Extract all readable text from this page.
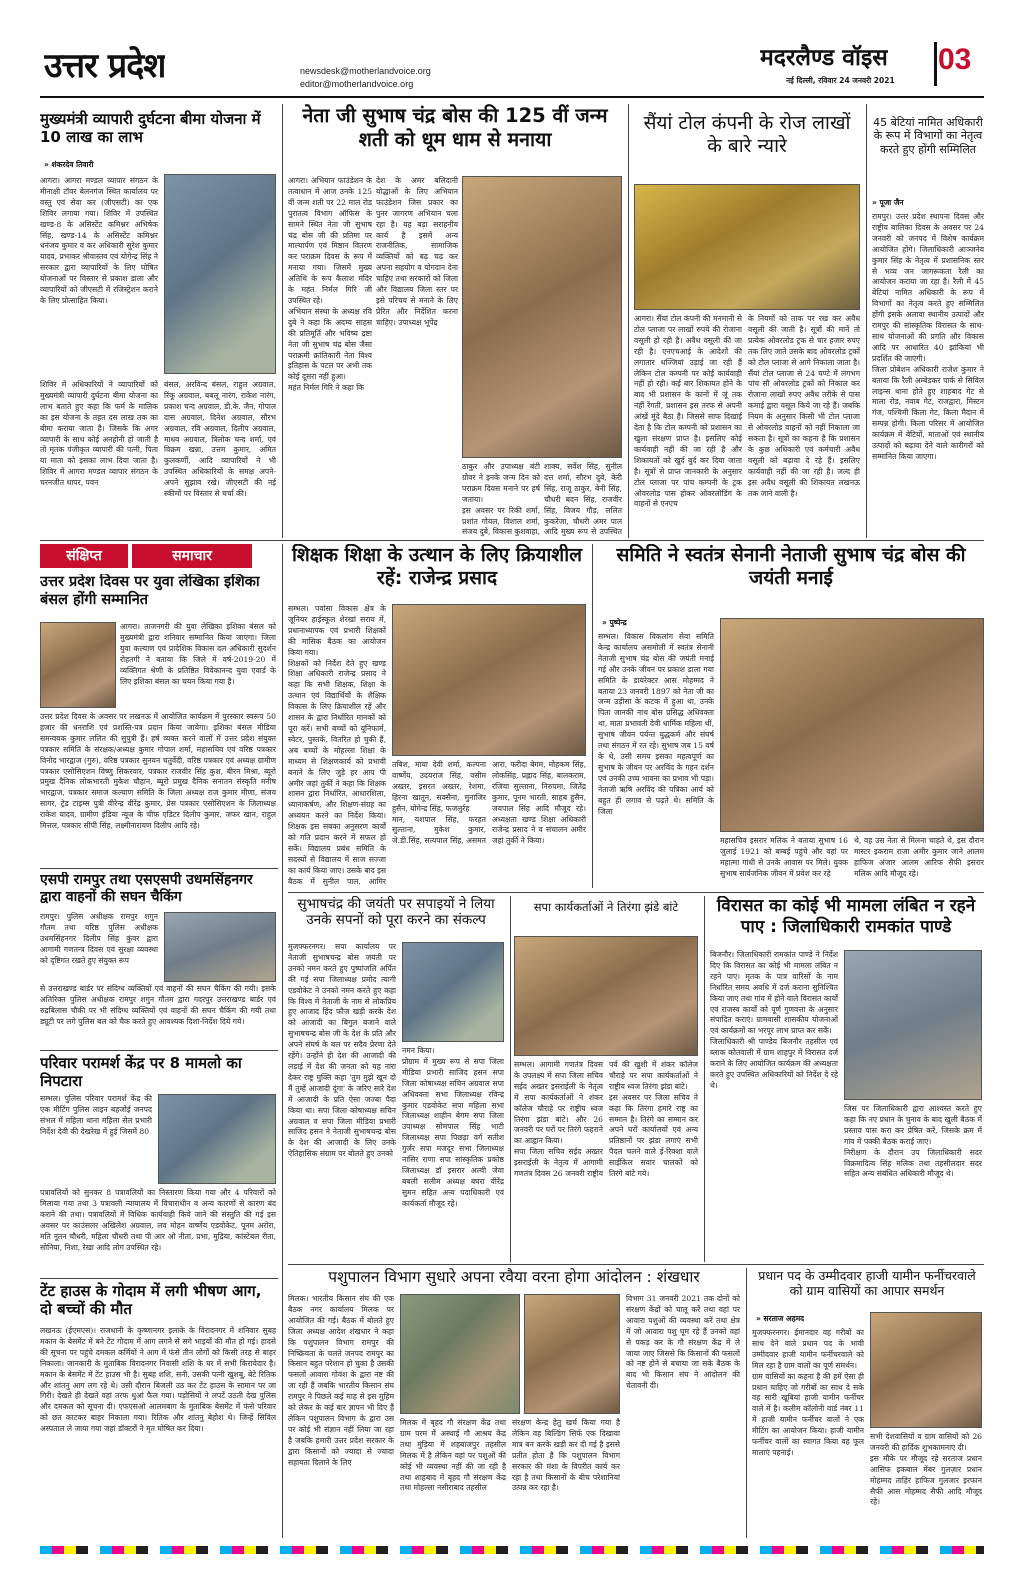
उत्तर प्रदेश	newsdesk@motherlandvoice.org
editor@motherlandvoice.org
मदरलैण्ड वॉइस 03
नई दिल्ली, रविवार 24 जनवरी 2021
मुख्यमंत्री व्यापारी दुर्घटना बीमा योजना में 10 लाख का लाभ
» शंकरदेव तिवारी
आगरा। आगरा मण्डल व्यापार संगठन के मीनाक्षी टॉवर बेलनगंज स्थित कार्यालय पर वस्तु एवं सेवा कर (जीएसटी) का एक शिविर लगाया गया। शिविर में उपस्थित खण्ड-8 के असिस्टेंट कमिश्नर अभिषेक सिंह, खण्ड-14 के असिस्टेंट कमिश्नर धनंजय कुमार व कर अधिकारी सुरेश कुमार यादव, प्रभाकर श्रीवास्तव एवं योगेन्द्र सिंह ने सरकार द्वारा व्यापारियों के लिए घोषित योजनाओं पर विस्तार से प्रकाश डाला और व्यापारियों को जीएसटी में रजिस्ट्रेशन कराने के लिए प्रोत्साहित किया।
शिविर में अधिकारियों ने व्यापारियों को मुख्यमंत्री व्यापारी दुर्घटना बीमा योजना का लाभ बताते हुए कहा कि फर्म के मालिक का इस योजना के तहत दस लाख तक का बीमा कराया जाता है। जिसके कि अगर व्यापारी के साथ कोई अनहोनी हो जाती है तो मृतक पंजीकृत व्यापारी की पत्नी, पिता या माता को इसका लाभ दिया जाता है। शिविर में आगरा मण्डल व्यापार संगठन के चरनजीत थापर, पवन
बंसल, अरविन्द बंसल, राहुल अग्रवाल, रिंकू अग्रवाल, बबलू नारंग, राकेश नारंग, प्रकाश चन्द अग्रवाल, डी.के. जैन, गोपाल दास अग्रवाल, दिनेश अग्रवाल, सौरभ अग्रवाल, रवि अग्रवाल, दिलीप अग्रवाल, माधव अग्रवाल, त्रिलोक चन्द शर्मा, एवं विक्रम खन्ना, उत्तम कुमार, अमित कुलकर्णी, आदि व्यापारियों ने भी उपस्थित अधिकारियों के समक्ष अपने-अपने सुझाव रखे। जीएसटी की नई स्कीमों पर विस्तार से चर्चा की।
नेता जी सुभाष चंद्र बोस की 125 वीं जन्म शती को धूम धाम से मनाया
आगरा। अभियान फाउंडेशन के तत्वाधान में आज उनके 125 वीं जन्म शती पर 22 माल रोड पुरातत्व विभाग ऑफिस के सामने स्थित नेता जी सुभाष चंद्र बोस जी की प्रतिमा पर माल्यार्पण एवं मिष्ठान वितरण कर पराक्रम दिवस के रूप में मनाया गया। जिसमें मुख्य अतिथि के रूप कैलाश मंदिर के महंत निर्मल गिरि जी उपस्थित रहे।
अभियान संस्था के अध्यक्ष रवि दुबे ने कहा कि अदम्य साहस की प्रतिमूर्ति और भविष्य द्रष्टा नेता जी सुभाष चंद्र बोस जैसा पराक्रमी क्रांतिकारी नेता विश्व इतिहास के पटल पर अभी तक कोई दूसरा नहीं हुआ।
महंत निर्मल गिरि ने कहा कि
देश के अमर बलिदानी योद्धाओं के लिए अभियान फाउंडेशन जिस प्रकार का पुनर जागरण अभियान चला रहा है। यह बड़ा सराहनीय कार्य है इसमें अन्य राजनीतिक, सामाजिक व्यक्तियों को बढ़ चढ़ कर अपना सहयोग व योगदान देना चाहिए तथा सरकारों को जिला और विद्यालय जिला स्तर पर इसे परिचय से मनाने के लिए प्रेरित और निर्देशित करना चाहिए। उपाध्यक्ष भूपेंद्र
ठाकुर और उपाध्यक्ष बंटी ग्रोवर ने इनके जन्म दिन को पराक्रम दिवस मनाने पर हर्ष जताया।
इस अवसर पर रिकी शर्मा, प्रशांत गोयल, विशाल शर्मा, संजय दुबे, विकास कुशवाहा,
शाक्य, सर्वेश सिंह, सुनील दत्त शर्मा, सौरभ दुबे, केरी सिंह, राजू ठाकुर, बेनी सिंह, चौधरी बदन सिंह, राजवीर सिंह, विजय गौड़, ललित कुकरेजा, चौधरी अमर पाल आदि मुख्य रूप से उपस्थित
सैंयां टोल कंपनी के रोज लाखों के बारे न्यारे
आगरा। सैंयां टोल कंपनी की मनमानी से टोल प्लाजा पर लाखों रुपये की रोजाना वसूली हो रही है। अवैध वसूली की जा रही है। एनएचआई के आदेशों की लगातार धज्जियां उड़ाई जा रही हैं लेकिन टोल कम्पनी पर कोई कार्यवाही नहीं हो रही। कई बार शिकायत होने के बाद भी प्रशासन के कानों में जूं तक नहीं रेंगती, प्रशासन इस तरफ से अपनी आंखें मूंदे बैठा है। जिससे साफ दिखाई देता है कि टोल कम्पनी को प्रशासन का खुला संरक्षण प्राप्त है। इसलिए कोई कार्यवाही नहीं की जा रही है और शिकायतों को खुर्द बुर्द कर दिया जाता है। सूत्रों से प्राप्त जानकारी के अनुसार टोल प्लाजा पर पांच कम्पनी के ट्रक ओवरलोड पास होकर ओवरलोडिंग के वाहनों से एनएच
के नियमों को ताक पर रख कर अवैध वसूली की जाती है। सूत्रों की मानें तो प्रत्येक ओवरलोड ट्रक से चार हजार रुपए तक लिए जाते उसके बाद ओवरलोड ट्रकों को टोल प्लाजा से आगे निकाला जाता है। सैंयां टोल प्लाजा से 24 घण्टे में लगभग पांच सौ ओवरलोड ट्रकों को निकाल कर रोजाना लाखों रुपए अवैध तरीके से पास कमाई द्वारा वसूल किये जा रहे हैं। जबकि नियम के अनुसार किसी भी टोल प्लाजा से ओवरलोड वाहनों को नहीं निकाला जा सकता है। सूत्रों का कहना है कि प्रशासन के कुछ अधिकारी एवं कर्मचारी अवैध वसूली को बढ़ावा दे रहे हैं। इसलिए कार्यवाही नहीं की जा रही है। जल्द ही इस अवैध वसूली की शिकायत लखनऊ तक जाने वाली है।
45 बेटियां नामित अधिकारी के रूप में विभागों का नेतृत्व करते हुए होंगी सम्मिलित
» पूजा जैन
रामपुर। उत्तर प्रदेश स्थापना दिवस और राष्ट्रीय बालिका दिवस के अवसर पर 24 जनवरी को जनपद में विशेष कार्यक्रम आयोजित होंगे। जिलाधिकारी आञ्जनेय कुमार सिंह के नेतृत्व में प्रशासनिक स्तर से भव्य जन जागरूकता रैली का आयोजन कराया जा रहा है। रैली में 45 बेटियां नामित अधिकारी के रूप में विभागों का नेतृत्व करते हुए सम्मिलित होंगी इसके अलावा स्थानीय उत्पादों और रामपुर की सांस्कृतिक विरासत के साथ-साथ योजनाओं की प्रगति और विकास आदि पर आधारित 40 झांकियां भी प्रदर्शित की जाएंगी।
जिला प्रोबेशन अधिकारी राजेश कुमार ने बताया कि रैली अम्बेडकर पार्क से सिविल लाइन्स थाना होते हुए शाहबाद गेट से माला रोड, नवाब गेट, राजद्वारा, मिस्टन गंज, पश्चिमी किला गेट, किला मैदान में सम्पन्न होगी। किला परिसर में आयोजित कार्यक्रम में बेटियों, माताओं एवं स्थानीय उत्पादों को बढ़ावा देने वाले कारीगरों को सम्मानित किया जाएगा।
संक्षिप्त	समाचार
उत्तर प्रदेश दिवस पर युवा लेखिका इशिका बंसल होंगी सम्मानित
आगरा। ताजनगरी की युवा लेखिका इशिका बंसल को मुख्यमंत्री द्वारा शनिवार सम्मानित किया जाएगा। जिला युवा कल्याण एवं प्रादेशिक विकास दल अधिकारी सुदर्शन रोहतगी ने बताया कि जिले में वर्ष-2019-20 में व्यक्तिगत श्रेणी के प्रतिष्ठित विवेकानन्द युवा एवार्ड के लिए इशिका बंसल का चयन किया गया है।
उत्तर प्रदेश दिवस के अवसर पर लखनऊ में आयोजित कार्यक्रम में पुरस्कार स्वरूप 50 हजार की धनराशि एवं प्रशस्ति-पत्र प्रदान किया जायेगा। इशिका बंसल मीडिया समन्वयक कुमार ललित की सुपुत्री हैं। हर्ष व्यक्त करने वालों में उत्तर प्रदेश संयुक्त पत्रकार समिति के संरक्षक/अध्यक्ष कुमार गोपाल शर्मा, महासचिव एवं वरिष्ठ पत्रकार विनोद भारद्वाज (गुरु), वरिष्ठ पत्रकार सुनयन चतुर्वेदी, वरिष्ठ पत्रकार एवं अध्यक्ष ग्रामीण पत्रकार एसोसिएशन विष्णु सिकरवार, पत्रकार राजवीर सिंह कुश, बीरन मिश्रा, ब्यूरो प्रमुख दैनिक लोकभारती मुकेश चौहान, ब्यूरो प्रमुख दैनिक सनातन संस्कृति मनीष भारद्वाज, पत्रकार समाज कल्याण समिति के जिला अध्यक्ष राज कुमार मीणा, संजय सागर, ट्रेड टाइम्स पुत्री वीरेन्द्र वीरेंद्र कुमार, प्रेस पत्रकार एसोसिएशन के जिलाध्यक्ष राकेश यादव, ग्रामीण इंडिया न्यूज के चीफ एडिटर दिलीप कुमार, जफर खान, राहुल मित्तल, पत्रकार सीपी सिंह, लक्ष्मीनारायण दिलीप आदि रहे।
एसपी रामपुर तथा एसएसपी उधमसिंहनगर द्वारा वाहनों की सघन चैकिंग
रामपुर। पुलिस अधीक्षक रामपुर शगुन गौतम तथा वरिष्ठ पुलिस अधीक्षक उधमसिंहनगर दिलीप सिंह कुंवर द्वारा आगामी गणतन्त्र दिवस एवं सुरक्षा व्यवस्था को दृष्टिगत रखते हुए संयुक्त रूप
से उत्तराखण्ड बार्डर पर संदिग्ध व्यक्तियों एवं वाहनों की सघन चैकिंग की गयी। इसके अतिरिक्त पुलिस अधीक्षक रामपुर शगुन गौतम द्वारा गदरपुर उत्तराखण्ड बार्डर एवं रुद्रबिलास चौकी पर भी संदिग्ध व्यक्तियों एवं वाहनों की सघन चैकिंग की गयी तथा ड्यूटी पर लगे पुलिस बल को चैक करते हुए आवश्यक दिशा-निर्देश दिये गये।
परिवार परामर्श केंद्र पर 8 मामलो का निपटारा
सम्भल। पुलिस परिवार परामर्श केंद्र की एक मीटिंग पुलिस लाइन बहजोई जनपद संभल में महिला थाना महिला सेल प्रभारी निर्देश देवी की देखरेख में हुई जिसमें 80
पत्रावलियों को सुनकर 8 पत्रावलियों का निस्तारण किया गया और 4 परिवारों को मिलाया गया तथा 3 पत्रावली न्यायालय में विचाराधीन व अन्य कारणों से कारण बंद कराने की तथा। पत्रावलियों में विधिक कार्यवाही किये जाने की संस्तुति की गई इस अवसर पर काउंसलर अखिलेश अग्रवाल, लव मोहन वार्ष्णेय एडवोकेट, पूनम अरोरा, मति नूतन चौधरी, महिला चौधरी तथा पी आर ओ नीता, प्रभा, मुद्रिया, कांस्टेबल रीता, सोनिया, निशा, रेखा आदि लोग उपस्थित रहे।
टेंट हाउस के गोदाम में लगी भीषण आग, दो बच्चों की मौत
लखनऊ (ईएमएस)। राजधानी के कृष्णानगर इलाके के विरादनगर में शनिवार सुबह मकान के बेसमेंट में बने टेंट गोदाम में आग लगने से सगे भाइयों की मौत हो गई। हादसे की सूचना पर पहुंचे दमकल कर्मियों ने आग में फंसे तीन लोगों को किसी तरह से बाहर निकाला। जानकारी के मुताबिक विरादनगर निवासी शशि के घर में सभी किरायेदार है। मकान के बेसमेंट में टेंट हाउस भी है। सुबह शशि, सनी, उसकी पत्नी खुशबू, बेटे रितिक और शांतनु आग लग रहे थे। उसी दौरान बिजली उठ कर टेंट हाउस के सामान पर जा गिरी। देखते ही देखते वहां तरफ धुआं फैल गया। पड़ोसियों ने लपटें उठती देख पुलिस और दमकल को सूचना दी। एफएसओ आलमबाग के मुताबिक बेसमेंट में फंसे परिवार को छत काटकर बाहर निकाला गया। रितिक और शांतनु बेहोश थे। जिन्हें सिविल अस्पताल ले जाया गया जहां डॉक्टरों ने मृत घोषित कर दिया।
शिक्षक शिक्षा के उत्थान के लिए क्रियाशील रहें: राजेन्द्र प्रसाद
सम्भल। पवांसा विकास क्षेत्र के जूनियर हाईस्कूल शेरखां सराय में, प्रधानाध्यापक एवं प्रभारी शिक्षकों की मासिक बैठक का आयोजन किया गया।
शिक्षकों को निर्देश देते हुए खण्ड शिक्षा अधिकारी राजेन्द्र प्रसाद ने कहा कि सभी शिक्षक, शिक्षा के उत्थान एवं विद्यार्थियों के शैक्षिक विकास के लिए क्रियाशील रहें और शासन के द्वारा निर्धारित मानकों को पूरा करें। सभी बच्चों को यूनिफार्म, स्वेटर, पुस्तकें, वितरित हो चुकी हैं, अब बच्चों के मोहल्ला शिक्षा के माध्यम से शिक्षणकार्य को प्रभावी बनाने के लिए जुड़े हर आप पी अमीर जहां तुर्की ने कहा कि शिक्षक शासन द्वारा निर्धारित, आधारशिला, ध्यानाकर्षण, और शिक्षण-संग्रह का अध्ययन करने का निर्देश किया। शिक्षक इस सबका अनुसरण कार्यों को गति प्रदान करने में सफल हो सकें। विद्यालय प्रबंध समिति के सदस्यों से विद्यालय में साज सज्जा का कार्य किया जाए। उसके बाद इस बैठक में सुनील पाल, आमिर
तबिश, माया देवी शर्मा, कल्पना वार्ष्णेय, उदयराज सिंह, वसीम अख्तर, इसरत अख्तर, रेशमा, हिरना खातून, सक्सैना, मुनाजिर हुसैन, योगेन्द्र सिंह, फजलुर्रह
मान, यशपाल सिंह, फरहत सुल्ताना, मुकेश कुमार, जे.डी.सिंह, सत्यपाल सिंह, असमत आरा, फरीदा बेगम, मोहकम सिंह, लोकसिंह, प्रह्लाद सिंह, बालकराम, रजिया सुल्ताना, निरुपमा, जितेंद्र कुमार, पूनम भारती, साहब हुसैन, जयपाल सिंह आदि मौजूद रहे। अध्यक्षता खण्ड शिक्षा अधिकारी राजेन्द्र प्रसाद ने व संचालन अमीर जहां तुर्की ने किया।
समिति ने स्वतंत्र सेनानी नेताजी सुभाष चंद्र बोस की जयंती मनाई
» पुष्पेन्द्र
सम्भल। विकास विकलांग सेवा समिति केन्द्र कार्यालय असमोली में स्वतंत्र सेनानी नेताजी सुभाष चंद्र बोस की जयंती मनाई गई और उनके जीवन पर प्रकाश डाला गया समिति के डायरेक्टर आस मोहम्मद ने बताया 23 जनवरी 1897 को नेता जी का जन्म उड़ीसा के कटक में हुआ था, उनके पिता जानकी नाथ बोस प्रसिद्ध अधिवक्ता था, माता प्रभावती देवी धार्मिक महिला थीं, सुभाष जीवन पर्यन्त युद्धकर्म और संघर्ष तथा संगठन में रत रहे। सुभाष जब 15 वर्ष के थे, उसी समय इसका महत्वपूर्ण का सुभाष के जीवन पर अरविंद के गहन दर्शन एवं उनकी उच्च भावना का प्रभाव भी पड़ा। नेताजी ऋषि अरविंद की पत्रिका आर्य को बहुत ही लगाव से पढ़ते थे। समिति के जिला
महासचिव इसरार मलिक ने बताया सुभाष 16 जुलाई 1921 को बम्बई पहुंचे और वहां पर महात्मा गांधी से उनके आवास पर मिले। युवक सुभाष सार्वजनिक जीवन में प्रवेश कर रहे
थे, वह उस नेता से मिलना चाहते थे, इस दौरान मास्टर इकराम राजा अमीर कुमार जाने आलम हाफिज अंजार आलम आरिफ सैफी इसरार मलिक आदि मौजूद रहे।
सुभाषचंद्र की जयंती पर सपाइयों ने लिया उनके सपनों को पूरा करने का संकल्प
मुजफ्फरनगर। सपा कार्यालय पर नेताजी सुभाषचन्द्र बोस जयंती पर उनको नमन करते हुए पुष्पांजलि अर्पित की गई सपा जिलाध्यक्ष प्रमोद त्यागी एडवोकेट ने उनको नमन करते हुए कहा कि विश्व में नेताजी के नाम से लोकप्रिय हुए आजाद हिंद फौज खड़ी करके देश को आजादी का बिगुल बजाने वाले सुभाषचन्द्र बोस जी के देश के प्रति और अपने संघर्ष के बल पर सदैव प्रेरणा देते रहेंगे। उन्होंने ही देश की आजादी की लड़ाई में देश की जनता को यह नारा देकर राष्ट्र मुक्ति कहा 'तुम मुझे खून दो मैं तुम्हें आजादी दूंगा' के जरिए सारे देश में आजादी के प्रति ऐसा जज्बा पैदा किया था। सपा जिला कोषाध्यक्ष सचिन अग्रवाल व सपा जिला मीडिया प्रभारी साजिद हसन ने नेताजी सुभाषचन्द्र बोस के देश की आजादी के लिए उनके ऐतिहासिक संग्राम पर बोलते हुए उनको
नमन किया।
प्रोग्राम में मुख्य रूप से सपा जिला मीडिया प्रभारी साजिद हसन सपा जिला कोषाध्यक्ष सचिन अग्रवाल सपा अधिवक्ता सभा जिलाध्यक्ष रविन्द्र कुमार एडवोकेट सपा महिला सभा जिलाध्यक्ष शाहीन बेगम सपा जिला उपाध्यक्ष सोमपाल सिंह भाटी जिलाध्यक्ष सपा पिछड़ा वर्ग सतीश गुर्जर सपा मजदूर सभा जिलाध्यक्ष नासिर राणा सपा सांस्कृतिक प्रकोष्ठ जिलाध्यक्ष डॉ इसरार अल्वी जेवा बबली सलीम अध्यक्ष बघरा वीरेंद्र सुमन सहित अन्य पदाधिकारी एवं कार्यकर्ता मौजूद रहे।
सपा कार्यकर्ताओं ने तिरंगा झंडे बांटे
सम्भल। आगामी गणतंत्र दिवस के उपलक्ष्य में सपा जिला सचिव सईद अख्तर इसराईली के नेतृत्व में सपा कार्यकर्ताओं ने शंकर कॉलेज चौराहे पर राष्ट्रीय ध्वज तिरंगा झंडा बांटे। और 26 जनवरी पर घरों पर तिरंगे फहराने का आह्वान किया।
सपा जिला सचिव सईद अख्तर इसराईली के नेतृत्व में आगामी गणतंत्र दिवस 26 जनवरी राष्ट्रीय पर्व की खुशी में शंकर कॉलेज चौराहे पर सपा कार्यकर्ताओं ने राष्ट्रीय ध्वज तिरंगा झंडा बांटे।
इस अवसर पर जिला सचिव ने कहा कि तिरंगा हमारे राष्ट्र का सम्मान है। तिरंगे का सम्मान कर अपने घरों कार्यालयों एवं अन्य प्रतिष्ठानों पर झंडा लगाएं सभी पैदल चलने वाले ई-रिक्शा वाले साईकिल सवार चालकों को तिरंगे बांटे गये।
विरासत का कोई भी मामला लंबित न रहने पाए : जिलाधिकारी रामकांत पाण्डे
बिजनौर। जिलाधिकारी रामकांत पाण्डे ने निर्देश दिए कि विरासत का कोई भी मामला लंबित न रहने पाए। मृतक के पात्र वारिसों के नाम निर्धारित समय अवधि में दर्ज कराना सुनिश्चित किया जाए तथा गांव में होने वाले विरासत कार्यों एवं राजस्व कार्यों को पूर्ण गुणवत्ता के अनुसार संपादित कराएं। ग्रामवासी शासकीय योजनाओं एवं कार्यक्रमों का भरपूर लाभ प्राप्त कर सकें।
जिलाधिकारी श्री पाण्डेय बिजनौर तहसील एवं ब्लाक कोतवाली में ग्राम शाहपुर में विरासत दर्ज कराने के लिए आयोजित कार्यक्रम की अध्यक्षता करते हुए उपस्थित अधिकारियों को निर्देश दे रहे थे।
जिस पर जिलाधिकारी द्वारा आश्वस्त करते हुए कहा कि नए प्रधान के चुनाव के बाद खुली बैठक में प्रस्ताव पास करा कर प्रेषित करें, जिसके क्रम में गांव में पक्की बैठक कराई जाए।
निरीक्षण के दौरान उप जिलाधिकारी सदर विक्रमादित्य सिंह मलिक तथा तहसीलदार सदर सहित अन्य संबंधित अधिकारी मौजूद थे।
पशुपालन विभाग सुधारे अपना रवैया वरना होगा आंदोलन : शंखधार
मिलक। भारतीय किसान संघ की एक बैठक नगर कार्यालय मिलक पर आयोजित की गई। बैठक में बोलते हुए जिला अध्यक्ष आदेश शंखधार ने कहा कि पशुपालन विभाग रामपुर की निष्क्रियता के चलते जनपद रामपुर का किसान बहुत परेशान हो चुका है उसकी फसलों आवारा गोवंश के द्वारा नष्ट की जा रही हैं जबकि भारतीय किसान संघ रामपुर ने पिछले कई माह से इस मुहिम को लेकर के कई बार ज्ञापन भी दिए हैं लेकिन पशुपालन विभाग के द्वारा उस पर कोई भी संज्ञान नहीं लिया जा रहा है जबकि हमारी उत्तर प्रदेश सरकार के द्वारा किसानों को ज्यादा से ज्यादा सहायता दिलाने के लिए
मिलक में बृहद गौ संरक्षण केंद्र तथा ग्राम परम में अस्थाई गौ आश्रय केंद्र तथा मुंड़िया में शहबाजपुर तहसील मिलक में है लेकिन वहां पर पशुओं की कोई भी व्यवस्था नहीं की जा रही है तथा शाहबाद में बृहद गौ संरक्षण केंद्र तथा मोहल्ला नसीराबाद तहसील
संरक्षण केन्द्र हेतु खर्च किया गया है लेकिन वह बिल्डिंग सिर्फ एक दिखावा मात्र बन करके खड़ी कर दी गई है इससे प्रतीत होता है कि पशुपालन विभाग सरकार की मंशा के विपरीत कार्य कर रहा है तथा किसानों के बीच परेशानियां उत्पन्न कर रहा है।
विभाग 31 जनवरी 2021 तक दोनों को संरक्षण केंद्रों को चालू करें तथा वहां पर आवारा पशुओं की व्यवस्था करें तथा क्षेत्र में जो आवारा पशु घूम रहे हैं उनको वहां से पकड़ कर के गौ संरक्षण केंद्र में ले जाया जाए जिससे कि किसानों की फसलों को नष्ट होने से बचाया जा सके बैठक के बाद भी किसान संघ ने आंदोलन की चेतावनी दी।
प्रधान पद के उम्मीदवार हाजी यामीन फर्नीचरवाले को ग्राम वासियों का आपार समर्थन
» सरताज अहमद
मुजफ्फरनगर। ईमानदार वह गरीबों का साथ देने वाले प्रधान पद के भावी उम्मीदवार हाजी यामीन फर्नीचरवाले को मिल रहा है ग्राम वालों का पूर्ण समर्थन।
ग्राम वासियों का कहना है की हमें ऐसा ही प्रधान चाहिए जो गरीबों का साथ दे सके वह सारी खूबियां हाजी यामीन फर्नीचर वाले में है। कलीम कॉलोनी वार्ड नंबर 11 में हाजी यामीन फर्नीचर वालों ने एक मीटिंग का आयोजन किया। हाजी यामीन फर्नीचर वालों का स्वागत किया वह फूल मालाएं पहनाई।
सभी देशवासियों व ग्राम वासियों को 26 जनवरी की हार्दिक शुभकामनाएं दी।
इस मौके पर मौजूद रहे सरताज प्रधान आसिफ इकबाल मेंबर गुलज़ार प्रधान मोहम्मद ताहिर हाफिज गुलजार इरफान सैफी आस मोहम्मद सैफी आदि मौजूद रहे।
